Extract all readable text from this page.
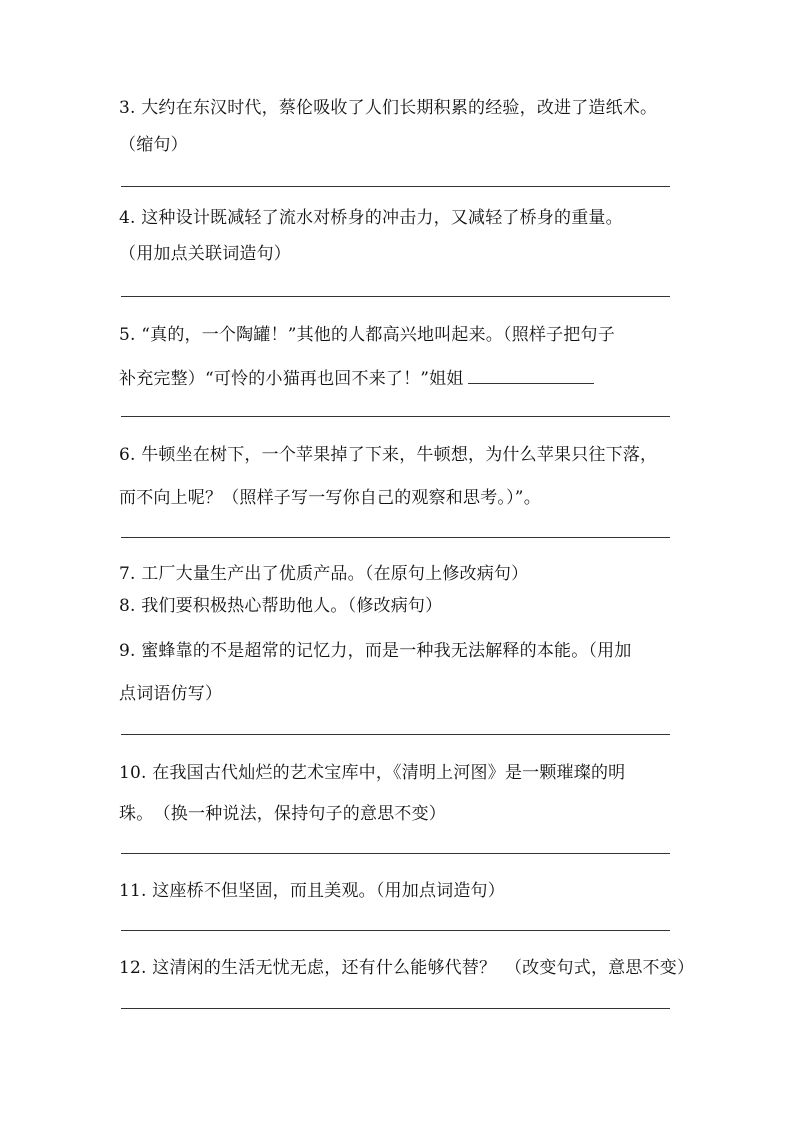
3. 大约在东汉时代，蔡伦吸收了人们长期积累的经验，改进了造纸术。
（缩句）
4. 这种设计既减轻了流水对桥身的冲击力，又减轻了桥身的重量。
（用加点关联词造句）
5. “真的，一个陶罐！”其他的人都高兴地叫起来。（照样子把句子
补充完整）“可怜的小猫再也回不来了！”姐姐
6. 牛顿坐在树下，一个苹果掉了下来，牛顿想，为什么苹果只往下落，
而不向上呢？（照样子写一写你自己的观察和思考。）”。
7. 工厂大量生产出了优质产品。（在原句上修改病句）
8. 我们要积极热心帮助他人。（修改病句）
9. 蜜蜂靠的不是超常的记忆力，而是一种我无法解释的本能。（用加
点词语仿写）
10. 在我国古代灿烂的艺术宝库中，《清明上河图》是一颗璀璨的明
珠。　（换一种说法，保持句子的意思不变）
11. 这座桥不但坚固，而且美观。（用加点词造句）
12. 这清闲的生活无忧无虑，还有什么能够代替？　（改变句式，意思不变）
